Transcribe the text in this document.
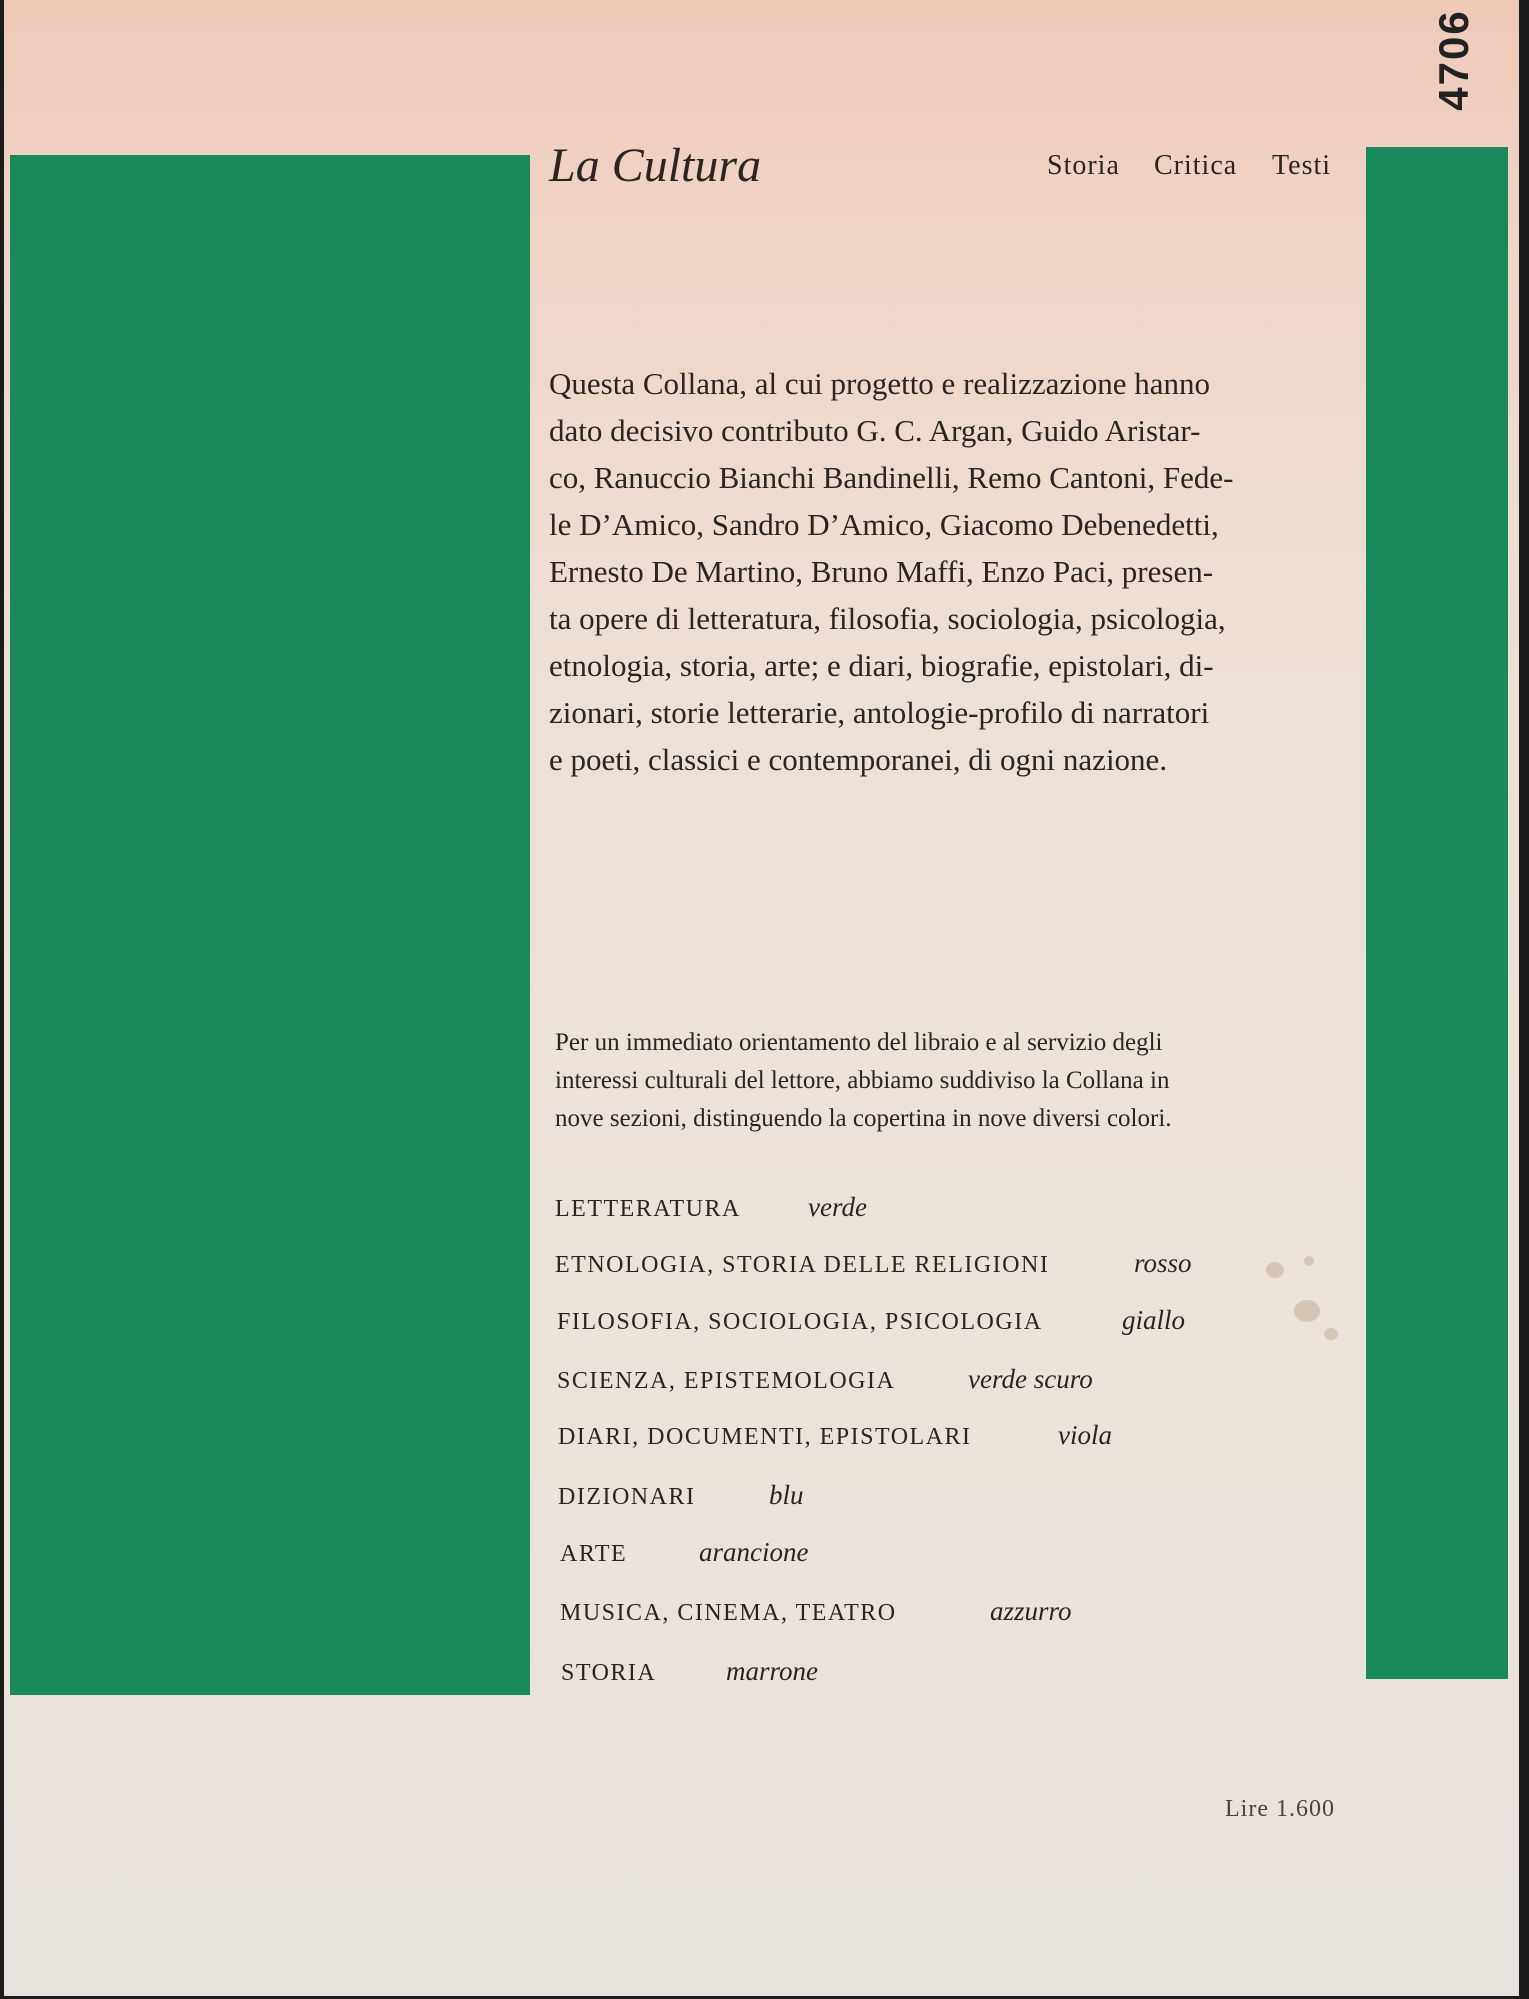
4706
La Cultura	Storia Critica Testi
Questa Collana, al cui progetto e realizzazione hanno
dato decisivo contributo G. C. Argan, Guido Aristar-
co, Ranuccio Bianchi Bandinelli, Remo Cantoni, Fede-
le D’Amico, Sandro D’Amico, Giacomo Debenedetti,
Ernesto De Martino, Bruno Maffi, Enzo Paci, presen-
ta opere di letteratura, filosofia, sociologia, psicologia,
etnologia, storia, arte; e diari, biografie, epistolari, di-
zionari, storie letterarie, antologie-profilo di narratori
e poeti, classici e contemporanei, di ogni nazione.
Per un immediato orientamento del libraio e al servizio degli
interessi culturali del lettore, abbiamo suddiviso la Collana in
nove sezioni, distinguendo la copertina in nove diversi colori.
LETTERATURA verde
ETNOLOGIA, STORIA DELLE RELIGIONI	rosso
FILOSOFIA, SOCIOLOGIA, PSICOLOGIA	giallo
SCIENZA, EPISTEMOLOGIA	verde scuro
DIARI, DOCUMENTI, EPISTOLARI	viola
DIZIONARI	blu
ARTE	arancione
MUSICA, CINEMA, TEATRO	azzurro
STORIA	marrone
Lire 1.600
